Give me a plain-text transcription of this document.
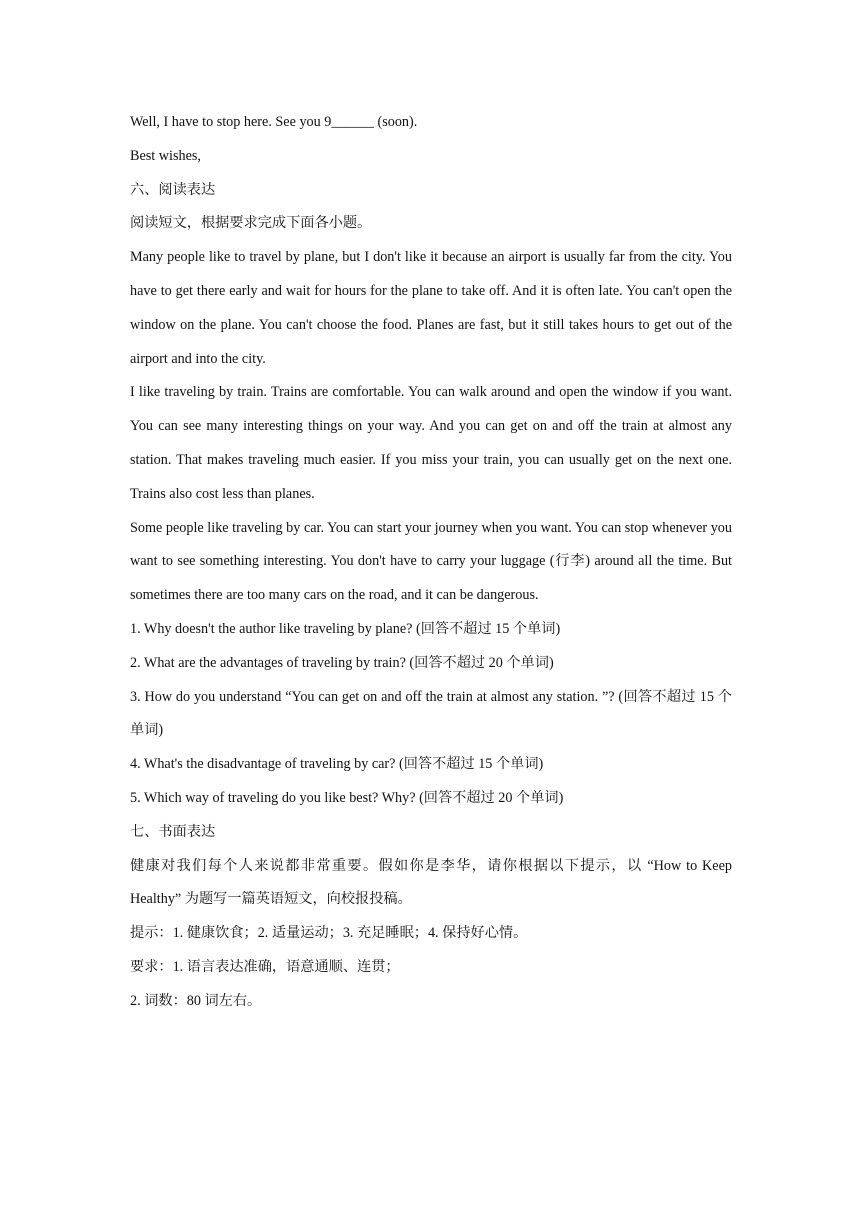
Well, I have to stop here. See you 9______ (soon).
Best wishes,
六、阅读表达
阅读短文，根据要求完成下面各小题。
Many people like to travel by plane, but I don't like it because an airport is usually far from the city. You have to get there early and wait for hours for the plane to take off. And it is often late. You can't open the window on the plane. You can't choose the food. Planes are fast, but it still takes hours to get out of the airport and into the city.
I like traveling by train. Trains are comfortable. You can walk around and open the window if you want. You can see many interesting things on your way. And you can get on and off the train at almost any station. That makes traveling much easier. If you miss your train, you can usually get on the next one. Trains also cost less than planes.
Some people like traveling by car. You can start your journey when you want. You can stop whenever you want to see something interesting. You don't have to carry your luggage (行李) around all the time. But sometimes there are too many cars on the road, and it can be dangerous.
1. Why doesn't the author like traveling by plane? (回答不超过 15 个单词)
2. What are the advantages of traveling by train? (回答不超过 20 个单词)
3. How do you understand “You can get on and off the train at almost any station. ”? (回答不超过 15 个单词)
4. What's the disadvantage of traveling by car? (回答不超过 15 个单词)
5. Which way of traveling do you like best? Why? (回答不超过 20 个单词)
七、书面表达
健康对我们每个人来说都非常重要。假如你是李华，请你根据以下提示，以 “How to Keep Healthy” 为题写一篇英语短文，向校报投稿。
提示：1. 健康饮食；2. 适量运动；3. 充足睡眠；4. 保持好心情。
要求：1. 语言表达准确，语意通顺、连贯；
2. 词数：80 词左右。
